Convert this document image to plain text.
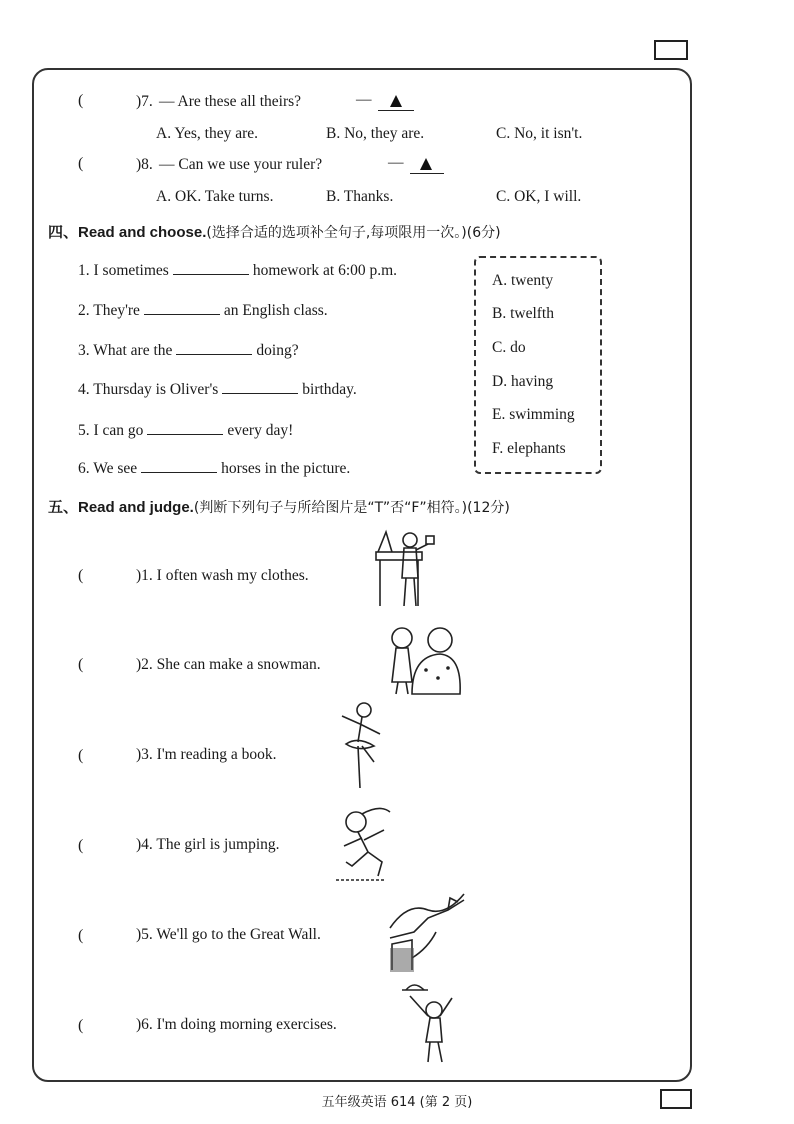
(	)7. — Are these all theirs?	—
A. Yes, they are.	B. No, they are.	C. No, it isn't.
(	)8. — Can we use your ruler?	—
A. OK. Take turns.	B. Thanks.	C. OK, I will.
四、Read and choose.(选择合适的选项补全句子,每项限用一次。)(6分)
1. I sometimes	homework at 6:00 p.m.
2. They're	an English class.
3. What are the	doing?
4. Thursday is Oliver's	birthday.
5. I can go	every day!
6. We see	horses in the picture.
A. twenty
B. twelfth
C. do
D. having
E. swimming
F. elephants
五、Read and judge.(判断下列句子与所给图片是“T”否“F”相符。)(12分)
(	)1. I often wash my clothes.
(	)2. She can make a snowman.
(	)3. I'm reading a book.
(	)4. The girl is jumping.
(	)5. We'll go to the Great Wall.
(	)6. I'm doing morning exercises.
五年级英语 614 (第 2 页)
